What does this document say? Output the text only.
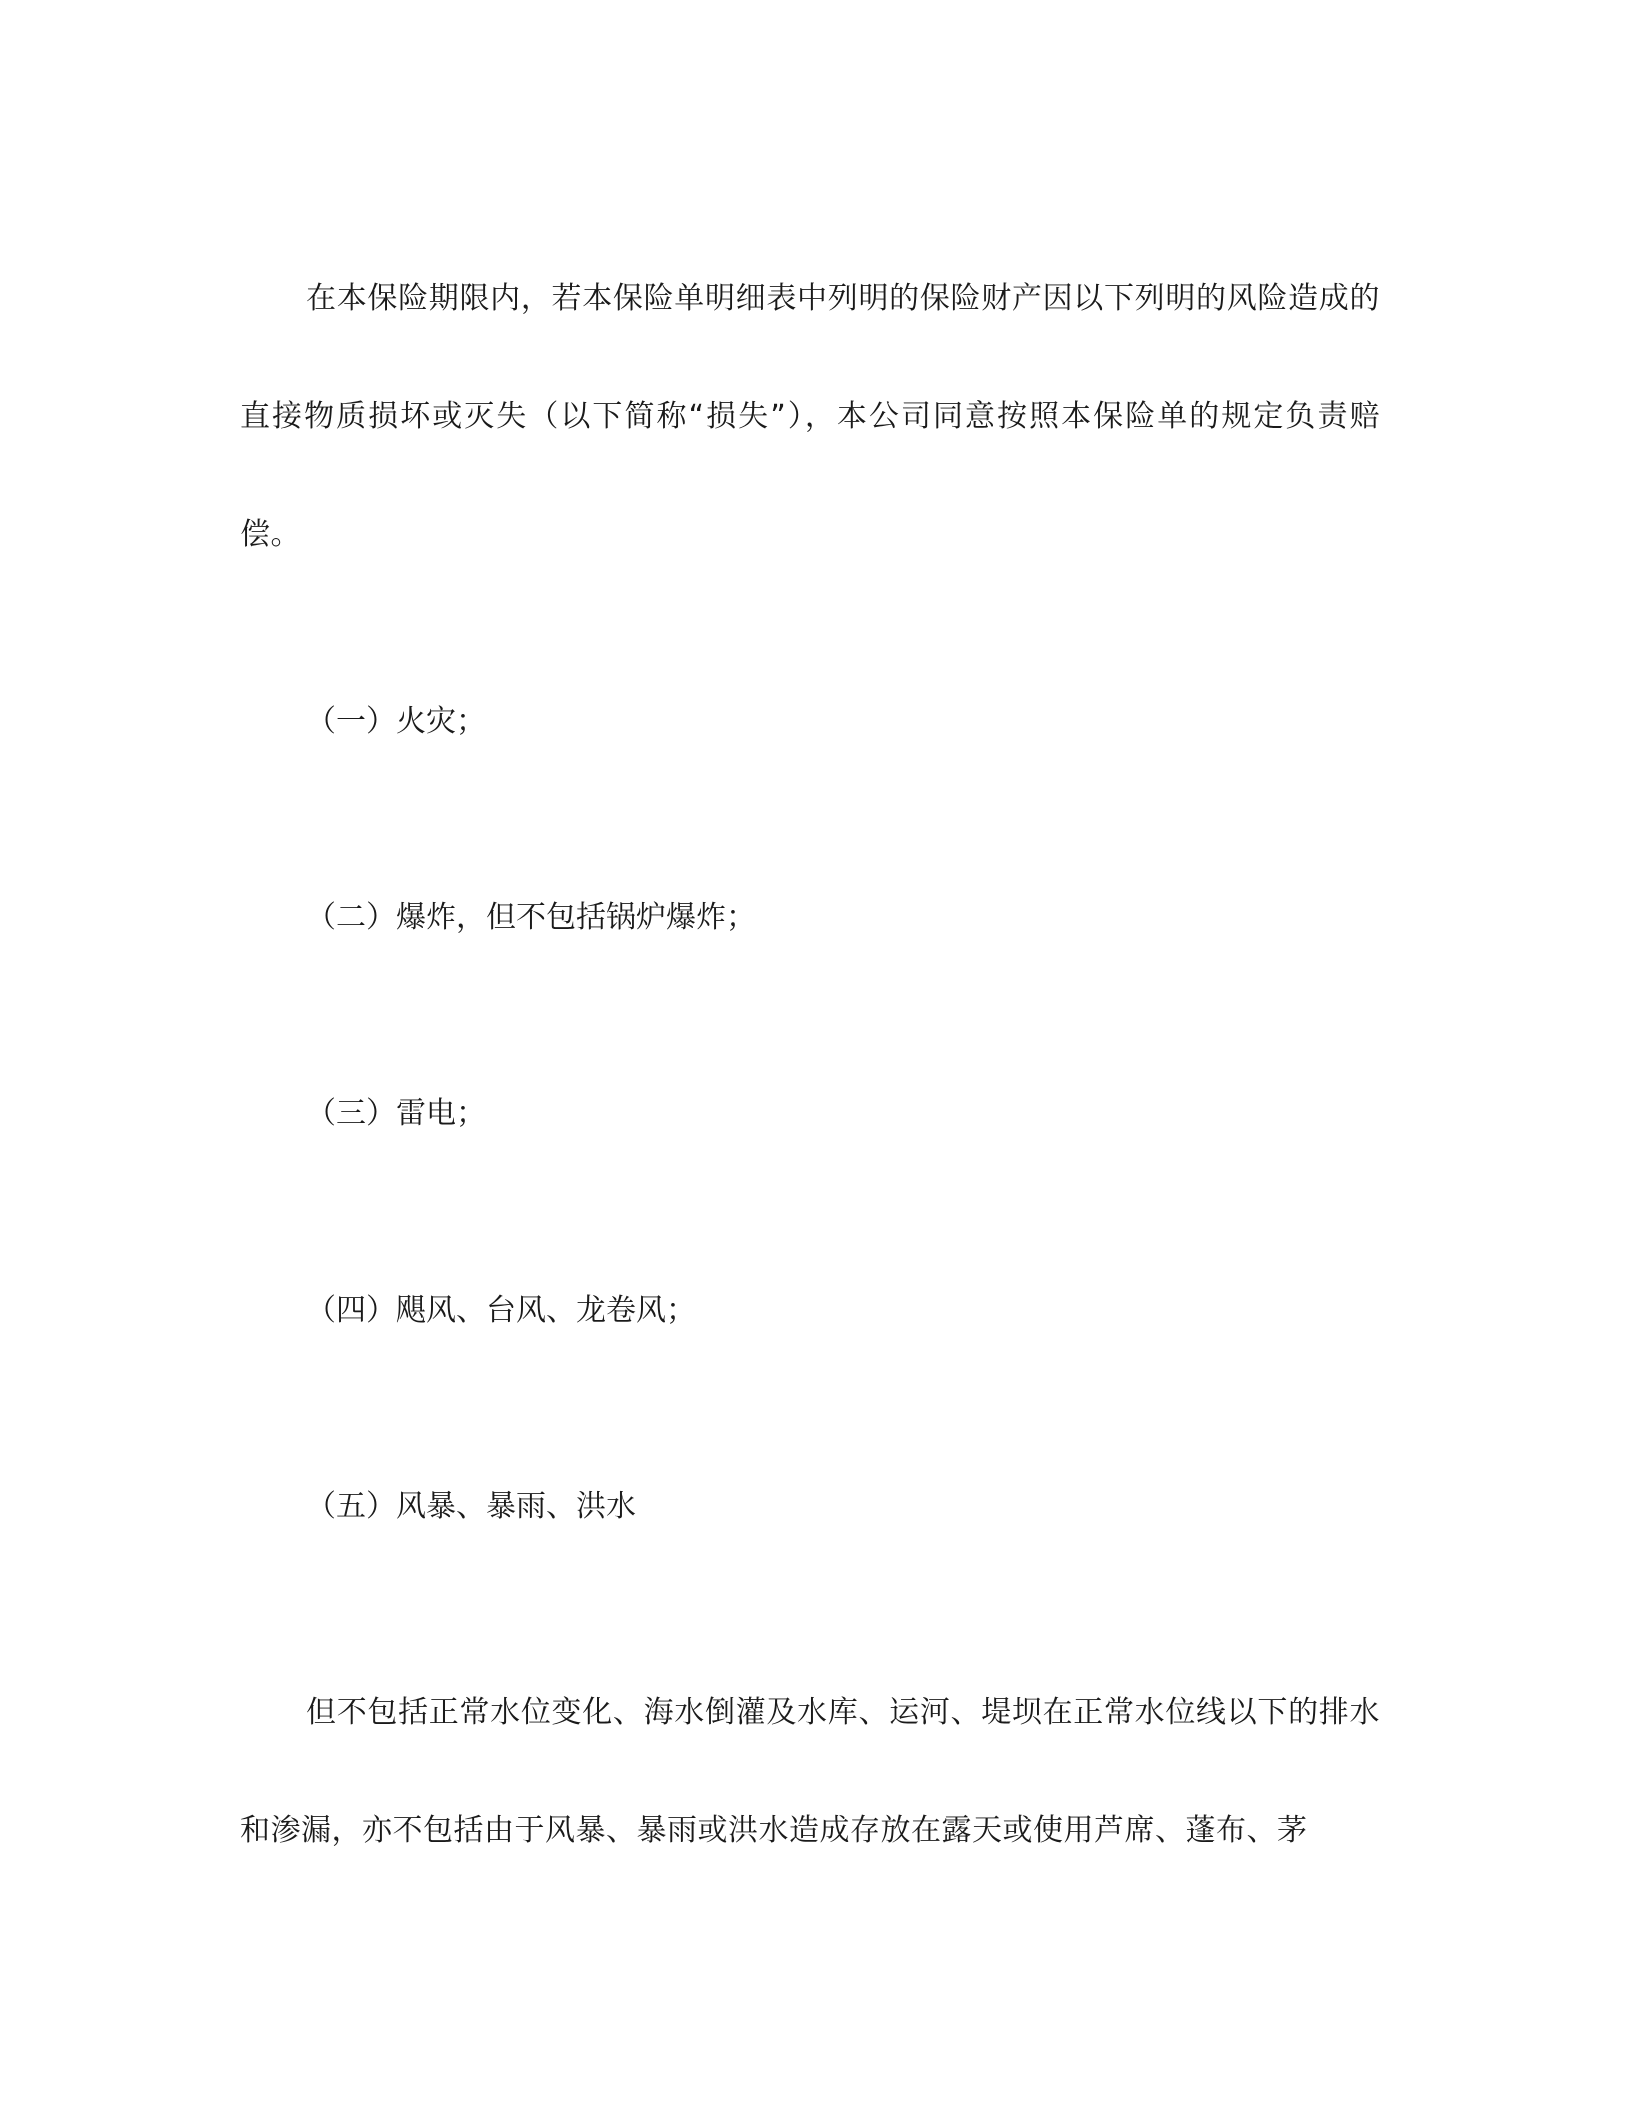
在本保险期限内，若本保险单明细表中列明的保险财产因以下列明的风险造成的直接物质损坏或灭失（以下简称“损失”），本公司同意按照本保险单的规定负责赔偿。

（一）火灾；

（二）爆炸，但不包括锅炉爆炸；

（三）雷电；

（四）飓风、台风、龙卷风；

（五）风暴、暴雨、洪水

但不包括正常水位变化、海水倒灌及水库、运河、堤坝在正常水位线以下的排水和渗漏，亦不包括由于风暴、暴雨或洪水造成存放在露天或使用芦席、蓬布、茅
